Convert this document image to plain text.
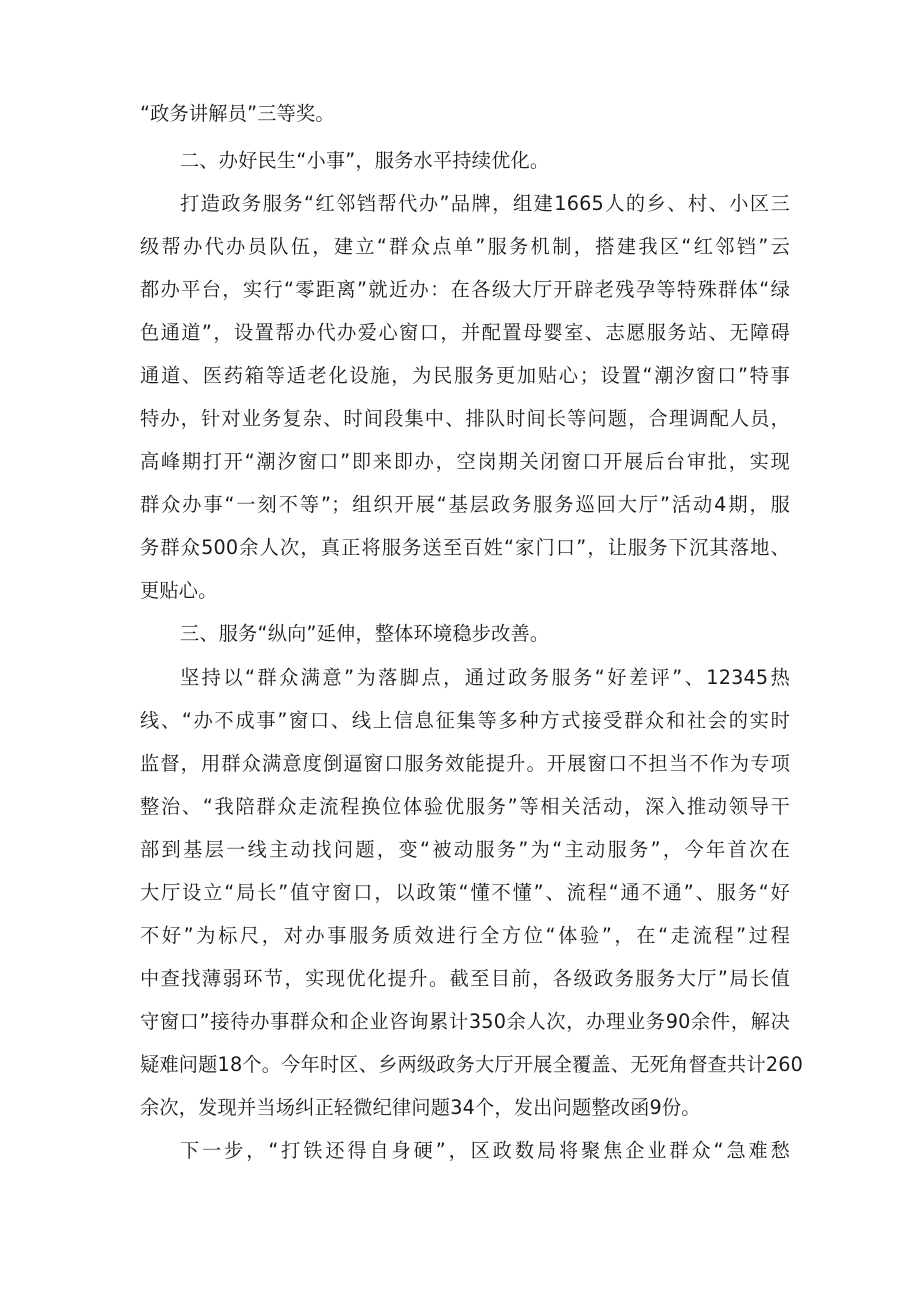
“政务讲解员”三等奖。
二、办好民生“小事”，服务水平持续优化。
打造政务服务“红邻铛帮代办”品牌，组建1665人的乡、村、小区三
级帮办代办员队伍，建立“群众点单”服务机制，搭建我区“红邻铛”云
都办平台，实行“零距离”就近办：在各级大厅开辟老残孕等特殊群体“绿
色通道”，设置帮办代办爱心窗口，并配置母婴室、志愿服务站、无障碍
通道、医药箱等适老化设施，为民服务更加贴心；设置“潮汐窗口”特事
特办，针对业务复杂、时间段集中、排队时间长等问题，合理调配人员，
高峰期打开“潮汐窗口”即来即办，空岗期关闭窗口开展后台审批，实现
群众办事“一刻不等”；组织开展“基层政务服务巡回大厅”活动4期，服
务群众500余人次，真正将服务送至百姓“家门口”，让服务下沉其落地、
更贴心。
三、服务“纵向”延伸，整体环境稳步改善。
坚持以“群众满意”为落脚点，通过政务服务“好差评”、12345热
线、“办不成事”窗口、线上信息征集等多种方式接受群众和社会的实时
监督，用群众满意度倒逼窗口服务效能提升。开展窗口不担当不作为专项
整治、“我陪群众走流程换位体验优服务”等相关活动，深入推动领导干
部到基层一线主动找问题，变“被动服务”为“主动服务”，今年首次在
大厅设立“局长”值守窗口，以政策“懂不懂”、流程“通不通”、服务“好
不好”为标尺，对办事服务质效进行全方位“体验”，在“走流程”过程
中查找薄弱环节，实现优化提升。截至目前，各级政务服务大厅”局长值
守窗口”接待办事群众和企业咨询累计350余人次，办理业务90余件，解决
疑难问题18个。今年时区、乡两级政务大厅开展全覆盖、无死角督查共计260
余次，发现并当场纠正轻微纪律问题34个，发出问题整改函9份。
下一步，“打铁还得自身硬”，区政数局将聚焦企业群众“急难愁
